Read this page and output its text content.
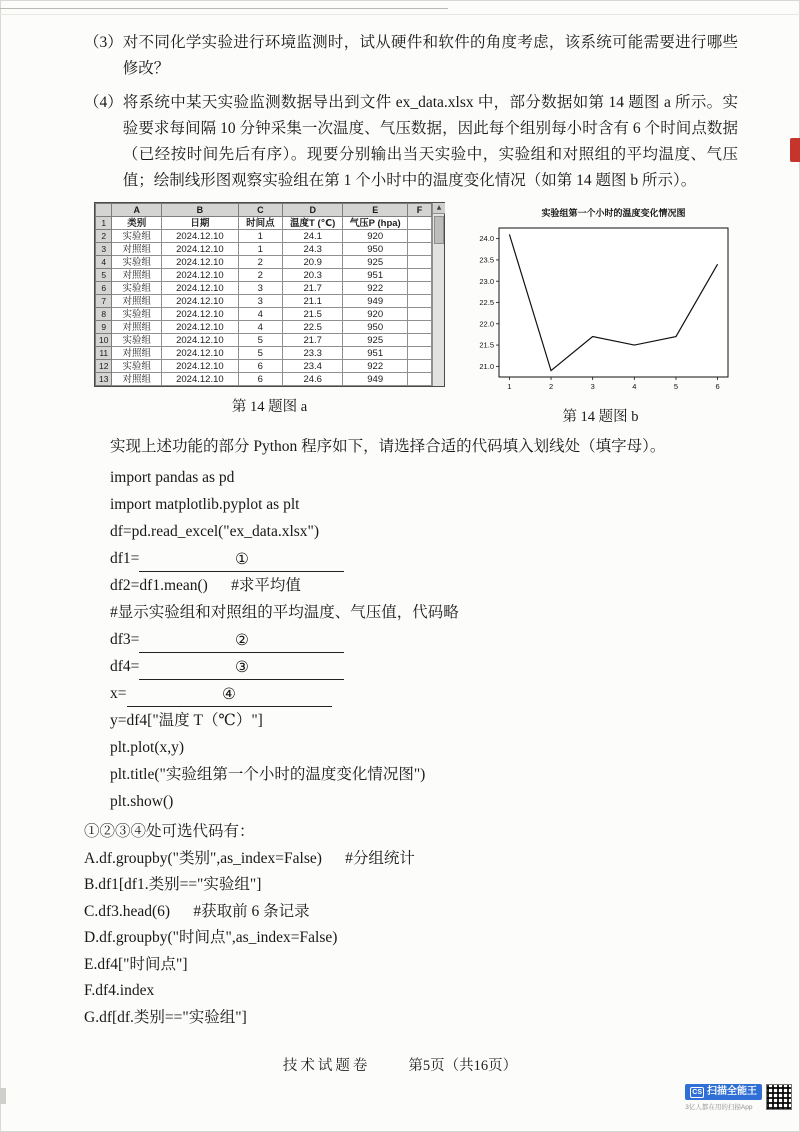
（3） 对不同化学实验进行环境监测时，试从硬件和软件的角度考虑，该系统可能需要进行哪些修改？
（4） 将系统中某天实验监测数据导出到文件 ex_data.xlsx 中，部分数据如第 14 题图 a 所示。实验要求每间隔 10 分钟采集一次温度、气压数据，因此每个组别每小时含有 6 个时间点数据（已经按时间先后有序）。现要分别输出当天实验中，实验组和对照组的平均温度、气压值；绘制线形图观察实验组在第 1 个小时中的温度变化情况（如第 14 题图 b 所示）。
	A	B	C	D	E	F
1	类别	日期	时间点	温度T (℃)	气压P (hpa)	
2	实验组	2024.12.10	1	24.1	920	
3	对照组	2024.12.10	1	24.3	950	
4	实验组	2024.12.10	2	20.9	925	
5	对照组	2024.12.10	2	20.3	951	
6	实验组	2024.12.10	3	21.7	922	
7	对照组	2024.12.10	3	21.1	949	
8	实验组	2024.12.10	4	21.5	920	
9	对照组	2024.12.10	4	22.5	950	
10	实验组	2024.12.10	5	21.7	925	
11	对照组	2024.12.10	5	23.3	951	
12	实验组	2024.12.10	6	23.4	922	
13	对照组	2024.12.10	6	24.6	949	
▲
第 14 题图 a
21.0
21.5
22.0
22.5
23.0
23.5
24.0
1	2	3	4	5	6
实验组第一个小时的温度变化情况图
第 14 题图 b
实现上述功能的部分 Python 程序如下，请选择合适的代码填入划线处（填字母）。
import pandas as pd
import matplotlib.pyplot as plt
df=pd.read_excel("ex_data.xlsx")
df1=	①
df2=df1.mean()      #求平均值
#显示实验组和对照组的平均温度、气压值，代码略
df3=	②
df4=	③
x=	④
y=df4["温度 T（℃）"]
plt.plot(x,y)
plt.title("实验组第一个小时的温度变化情况图")
plt.show()
①②③④处可选代码有：
A.df.groupby("类别",as_index=False)      #分组统计
B.df1[df1.类别=="实验组"]
C.df3.head(6)      #获取前 6 条记录
D.df.groupby("时间点",as_index=False)
E.df4["时间点"]
F.df4.index
G.df[df.类别=="实验组"]
技术试题卷	第5页（共16页）
CS 扫描全能王
3亿人都在用的扫描App
